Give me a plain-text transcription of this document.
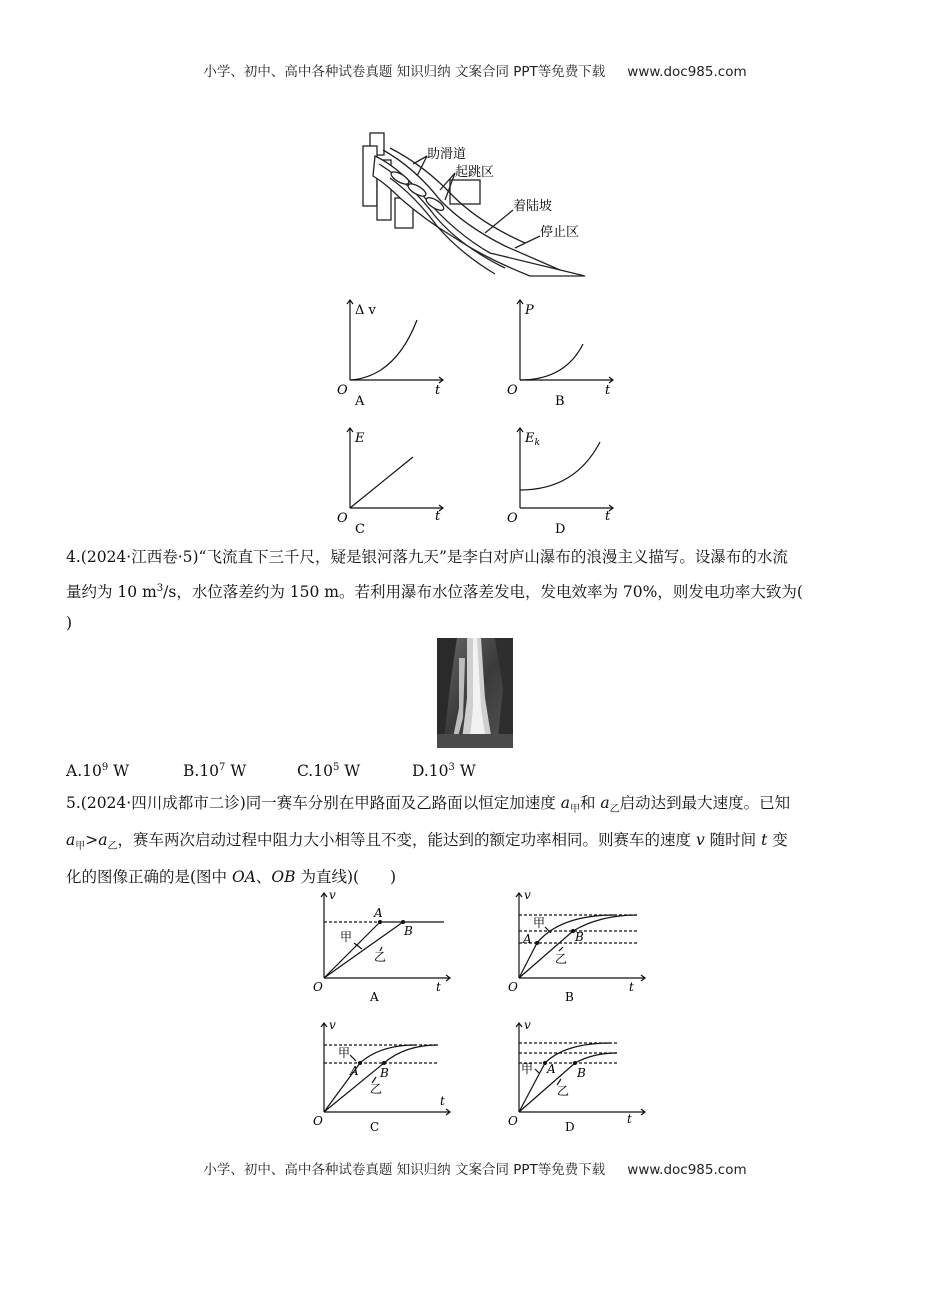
小学、初中、高中各种试卷真题 知识归纳 文案合同 PPT等免费下载 www.doc985.com
助滑道
起跳区
着陆坡
停止区
Δ v
t
O
A
P
t
O
B
E
t
O
C
$E_k$
t
O
D
4.(2024·江西卷·5)“飞流直下三千尺，疑是银河落九天”是李白对庐山瀑布的浪漫主义描写。设瀑布的水流
量约为 10 $m^3/s$，水位落差约为 150 m。若利用瀑布水位落差发电，发电效率为 70%，则发电功率大致为(
)
$A.10^9$ W	$B.10^7$ W	$C.10^5$ W	$D.10^3$ W
5.(2024·四川成都市二诊)同一赛车分别在甲路面及乙路面以恒定加速度 $a_甲$和 $a_乙$启动达到最大速度。已知
$a_甲>a_乙$，赛车两次启动过程中阻力大小相等且不变，能达到的额定功率相同。则赛车的速度 v 随时间 t 变
化的图像正确的是(图中 OA、OB 为直线)(　　)
v
A
B
甲
乙
O	t
A
v
A	B
甲
乙
O	t
B
v
A B
甲
乙
O
t
C
v
A B
甲
乙
O	t
D
小学、初中、高中各种试卷真题 知识归纳 文案合同 PPT等免费下载 www.doc985.com
